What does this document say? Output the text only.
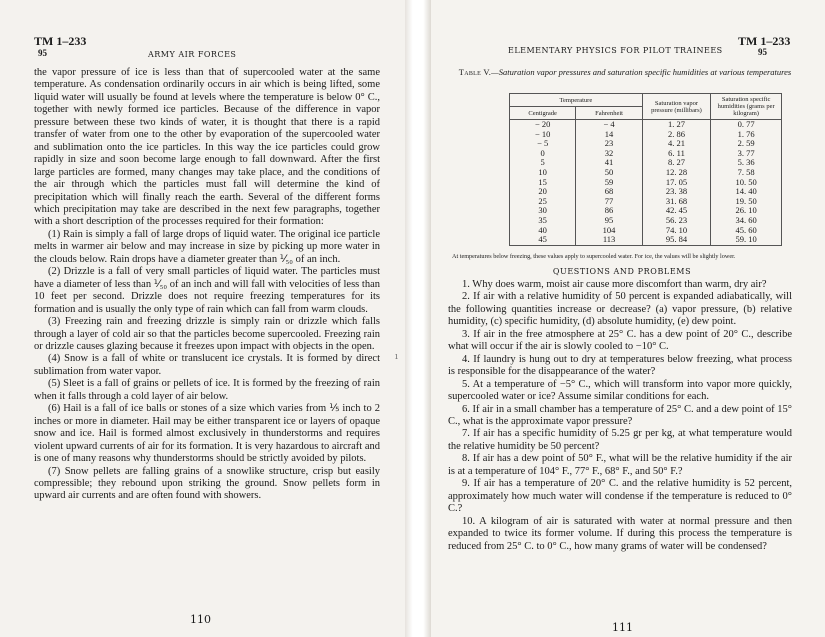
TM 1–233
95	ARMY AIR FORCES

the vapor pressure of ice is less than that of supercooled water at the same temperature. As condensation ordinarily occurs in air which is being lifted, some liquid water will usually be found at levels where the temperature is below 0° C., together with newly formed ice particles. Because of the difference in vapor pressure between these two kinds of water, it is thought that there is a rapid transfer of water from one to the other by evaporation of the supercooled water and sublimation onto the ice particles. In this way the ice particles could grow rapidly in size and soon become large enough to fall downward. After the first large particles are formed, many changes may take place, and the conditions of the air through which the particles must fall will determine the kind of precipitation which will finally reach the earth. Several of the different forms which precipitation may take are described in the next few paragraphs, together with a short description of the processes required for their formation:

(1) Rain is simply a fall of large drops of liquid water. The original ice particle melts in warmer air below and may increase in size by picking up more water in the clouds below. Rain drops have a diameter greater than ⅟₅₀ of an inch.

(2) Drizzle is a fall of very small particles of liquid water. The particles must have a diameter of less than ⅟₅₀ of an inch and will fall with velocities of less than 10 feet per second. Drizzle does not require freezing temperatures for its formation and is usually the only type of rain which can fall from warm clouds.

(3) Freezing rain and freezing drizzle is simply rain or drizzle which falls through a layer of cold air so that the particles become supercooled. Freezing rain or drizzle causes glazing because it freezes upon impact with objects in the open.

(4) Snow is a fall of white or translucent ice crystals. It is formed by direct sublimation from water vapor.

(5) Sleet is a fall of grains or pellets of ice. It is formed by the freezing of rain when it falls through a cold layer of air below.

(6) Hail is a fall of ice balls or stones of a size which varies from ⅕ inch to 2 inches or more in diameter. Hail may be either transparent ice or layers of opaque snow and ice. Hail is formed almost exclusively in thunderstorms and requires violent upward currents of air for its formation. It is very hazardous to aircraft and is one of many reasons why thunderstorms should be strictly avoided by pilots.

(7) Snow pellets are falling grains of a snowlike structure, crisp but easily compressible; they rebound upon striking the ground. Snow pellets form in upward air currents and are often found with showers.

110
TM 1–233
ELEMENTARY PHYSICS FOR PILOT TRAINEES	95
Table V.—Saturation vapor pressures and saturation specific humidities at various temperatures
Temperature		Saturation vapor pressure (millibars)	Saturation specific humidities (grams per kilogram)
Centigrade	Fahrenheit		
− 20	− 4	1. 27	0. 77
− 10	14	2. 86	1. 76
− 5	23	4. 21	2. 59
0	32	6. 11	3. 77
5	41	8. 27	5. 36
10	50	12. 28	7. 58
15	59	17. 05	10. 50
20	68	23. 38	14. 40
25	77	31. 68	19. 50
30	86	42. 45	26. 10
35	95	56. 23	34. 60
40	104	74. 10	45. 60
45	113	95. 84	59. 10
At temperatures below freezing, these values apply to supercooled water. For ice, the values will be slightly lower.
QUESTIONS AND PROBLEMS

1. Why does warm, moist air cause more discomfort than warm, dry air?

2. If air with a relative humidity of 50 percent is expanded adiabatically, will the following quantities increase or decrease? (a) vapor pressure, (b) relative humidity, (c) specific humidity, (d) absolute humidity, (e) dew point.

3. If air in the free atmosphere at 25° C. has a dew point of 20° C., describe what will occur if the air is slowly cooled to −10° C.

4. If laundry is hung out to dry at temperatures below freezing, what process is responsible for the disappearance of the water?

5. At a temperature of −5° C., which will transform into vapor more quickly, supercooled water or ice? Assume similar conditions for each.

6. If air in a small chamber has a temperature of 25° C. and a dew point of 15° C., what is the approximate vapor pressure?

7. If air has a specific humidity of 5.25 gr per kg, at what temperature would the relative humidity be 50 percent?

8. If air has a dew point of 50° F., what will be the relative humidity if the air is at a temperature of 104° F., 77° F., 68° F., and 50° F.?

9. If air has a temperature of 20° C. and the relative humidity is 52 percent, approximately how much water will condense if the temperature is reduced to 0° C.?

10. A kilogram of air is saturated with water at normal pressure and then expanded to twice its former volume. If during this process the temperature is reduced from 25° C. to 0° C., how many grams of water will be condensed?

111
ı
